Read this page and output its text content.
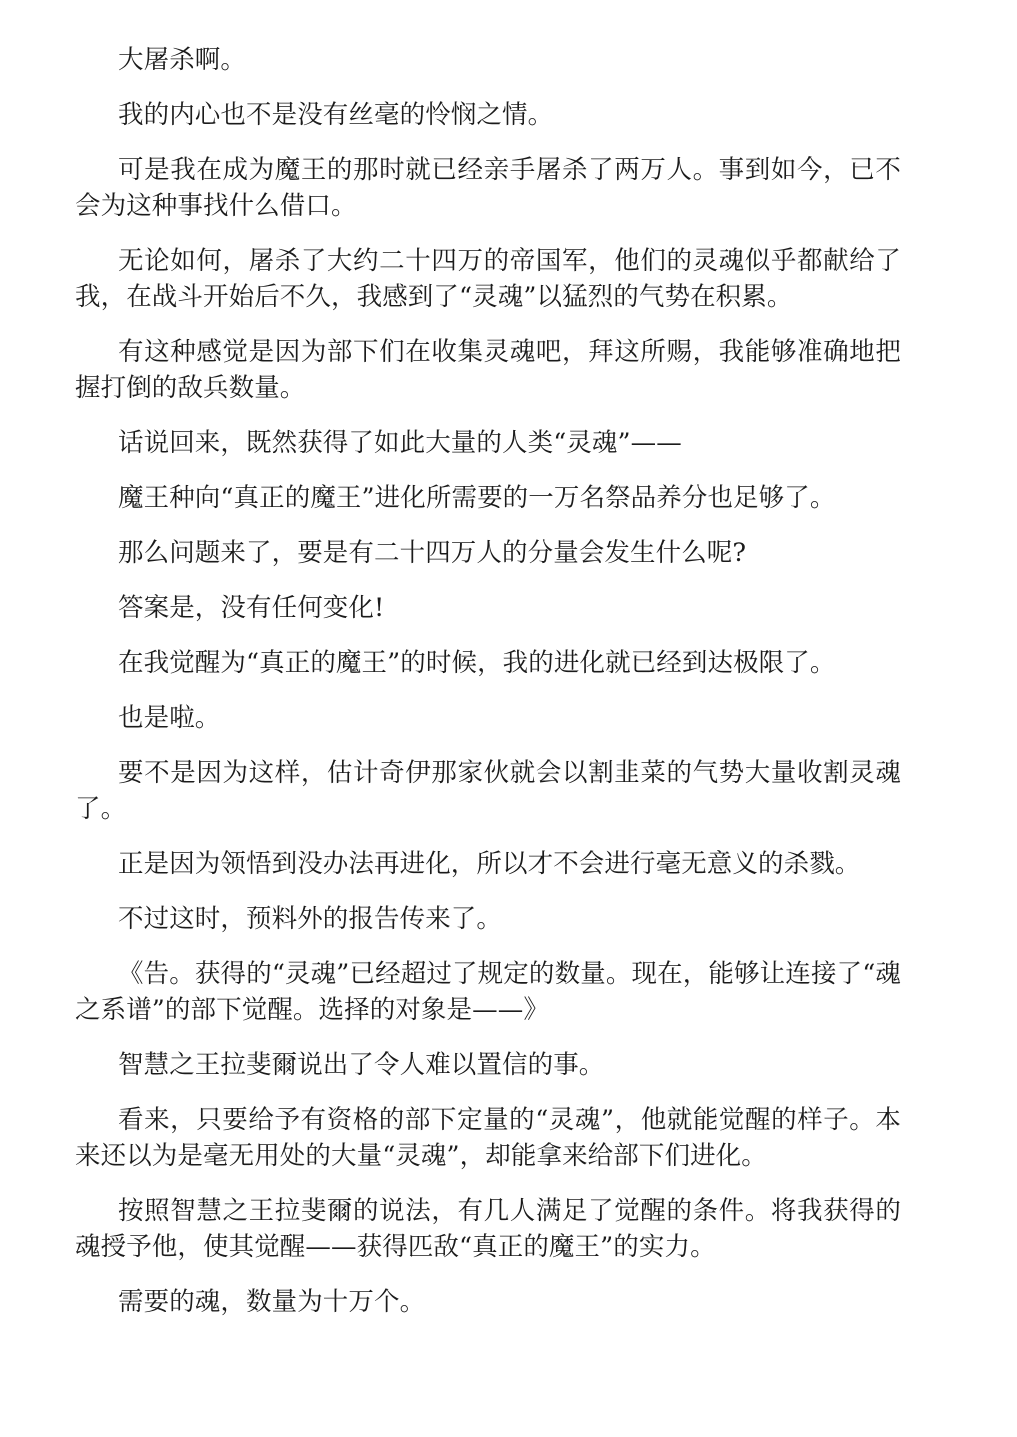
大屠杀啊。

我的内心也不是没有丝毫的怜悯之情。

可是我在成为魔王的那时就已经亲手屠杀了两万人。事到如今，已不会为这种事找什么借口。

无论如何，屠杀了大约二十四万的帝国军，他们的灵魂似乎都献给了我，在战斗开始后不久，我感到了“灵魂”以猛烈的气势在积累。

有这种感觉是因为部下们在收集灵魂吧，拜这所赐，我能够准确地把握打倒的敌兵数量。

话说回来，既然获得了如此大量的人类“灵魂”——

魔王种向“真正的魔王”进化所需要的一万名祭品养分也足够了。

那么问题来了，要是有二十四万人的分量会发生什么呢?

答案是，没有任何变化!

在我觉醒为“真正的魔王”的时候，我的进化就已经到达极限了。

也是啦。

要不是因为这样，估计奇伊那家伙就会以割韭菜的气势大量收割灵魂了。

正是因为领悟到没办法再进化，所以才不会进行毫无意义的杀戮。

不过这时，预料外的报告传来了。

《告。获得的“灵魂”已经超过了规定的数量。现在，能够让连接了“魂之系谱”的部下觉醒。选择的对象是——》

智慧之王拉斐爾说出了令人难以置信的事。

看来，只要给予有资格的部下定量的“灵魂”，他就能觉醒的样子。本来还以为是毫无用处的大量“灵魂”，却能拿来给部下们进化。

按照智慧之王拉斐爾的说法，有几人满足了觉醒的条件。将我获得的魂授予他，使其觉醒——获得匹敌“真正的魔王”的实力。

需要的魂，数量为十万个。
